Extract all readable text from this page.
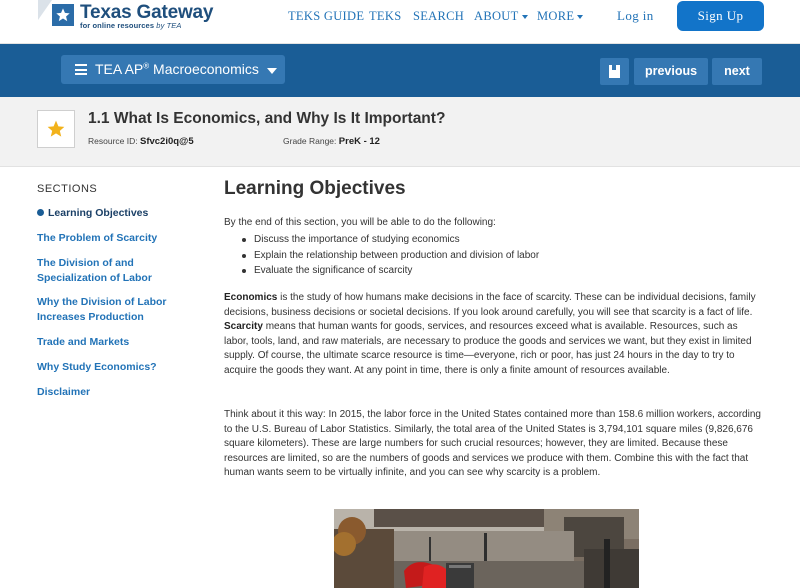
Texas Gateway
for online resources by TEA
TEKS GUIDE TEKS SEARCH ABOUT	MORE	Log in	Sign Up
TEA AP® Macroeconomics	previous	next
1.1 What Is Economics, and Why Is It Important?
Resource ID: Sfvc2i0q@5	Grade Range: PreK - 12
SECTIONS
Learning Objectives
The Problem of Scarcity
The Division of and Specialization of Labor
Why the Division of Labor Increases Production
Trade and Markets
Why Study Economics?
Disclaimer
Learning Objectives
By the end of this section, you will be able to do the following:
Discuss the importance of studying economics
Explain the relationship between production and division of labor
Evaluate the significance of scarcity
Economics is the study of how humans make decisions in the face of scarcity. These can be individual decisions, family decisions, business decisions or societal decisions. If you look around carefully, you will see that scarcity is a fact of life. Scarcity means that human wants for goods, services, and resources exceed what is available. Resources, such as labor, tools, land, and raw materials, are necessary to produce the goods and services we want, but they exist in limited supply. Of course, the ultimate scarce resource is time—everyone, rich or poor, has just 24 hours in the day to try to acquire the goods they want. At any point in time, there is only a finite amount of resources available.
Think about it this way: In 2015, the labor force in the United States contained more than 158.6 million workers, according to the U.S. Bureau of Labor Statistics. Similarly, the total area of the United States is 3,794,101 square miles (9,826,676 square kilometers). These are large numbers for such crucial resources; however, they are limited. Because these resources are limited, so are the numbers of goods and services we produce with them. Combine this with the fact that human wants seem to be virtually infinite, and you can see why scarcity is a problem.
